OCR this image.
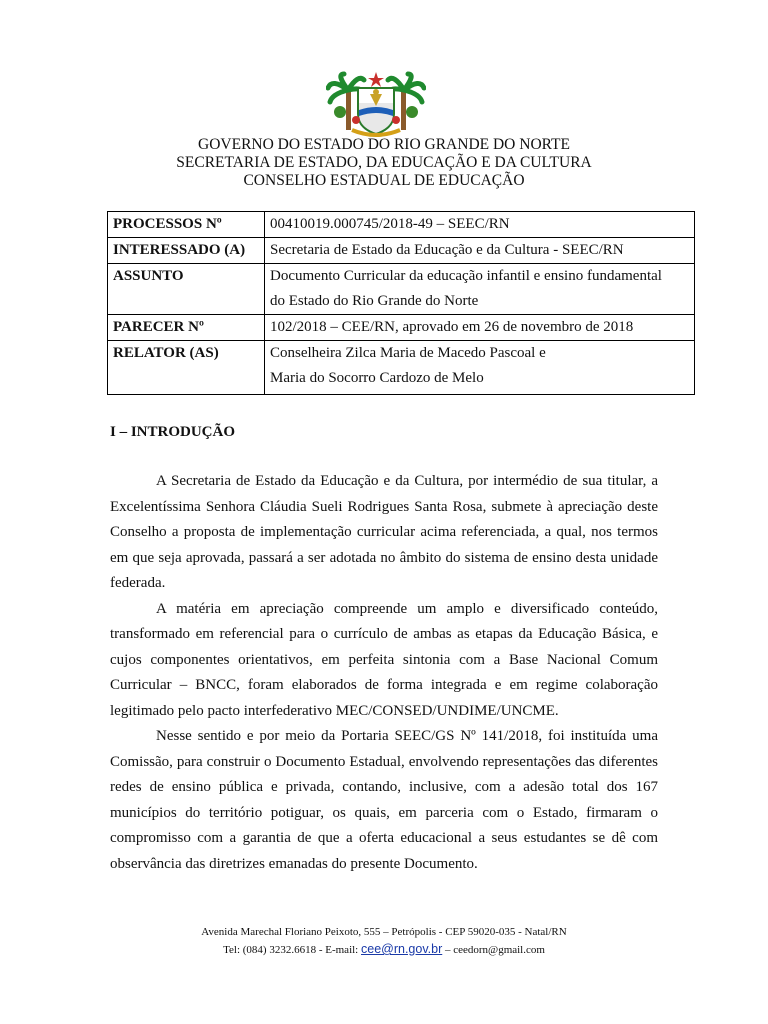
GOVERNO DO ESTADO DO RIO GRANDE DO NORTE
SECRETARIA DE ESTADO, DA EDUCAÇÃO E DA CULTURA
CONSELHO ESTADUAL DE EDUCAÇÃO
PROCESSOS Nº	00410019.000745/2018-49 – SEEC/RN
INTERESSADO (A)	Secretaria de Estado da Educação e da Cultura - SEEC/RN
ASSUNTO	Documento Curricular da educação infantil e ensino fundamental
do Estado do Rio Grande do Norte

PARECER Nº	102/2018 – CEE/RN, aprovado em 26 de novembro de 2018
RELATOR (AS)	Conselheira Zilca Maria de Macedo Pascoal e
Maria do Socorro Cardozo de Melo
I – INTRODUÇÃO

A Secretaria de Estado da Educação e da Cultura, por intermédio de sua titular, a Excelentíssima Senhora Cláudia Sueli Rodrigues Santa Rosa, submete à apreciação deste Conselho a proposta de implementação curricular acima referenciada, a qual, nos termos em que seja aprovada, passará a ser adotada no âmbito do sistema de ensino desta unidade federada.

A matéria em apreciação compreende um amplo e diversificado conteúdo, transformado em referencial para o currículo de ambas as etapas da Educação Básica, e cujos componentes orientativos, em perfeita sintonia com a Base Nacional Comum Curricular – BNCC, foram elaborados de forma integrada e em regime colaboração legitimado pelo pacto interfederativo MEC/CONSED/UNDIME/UNCME.

Nesse sentido e por meio da Portaria SEEC/GS Nº 141/2018, foi instituída uma Comissão, para construir o Documento Estadual, envolvendo representações das diferentes redes de ensino pública e privada, contando, inclusive, com a adesão total dos 167 municípios do território potiguar, os quais, em parceria com o Estado, firmaram o compromisso com a garantia de que a oferta educacional a seus estudantes se dê com observância das diretrizes emanadas do presente Documento.

Avenida Marechal Floriano Peixoto, 555 – Petrópolis - CEP 59020-035 - Natal/RN
Tel: (084) 3232.6618 - E-mail: cee@rn.gov.br – ceedorn@gmail.com
